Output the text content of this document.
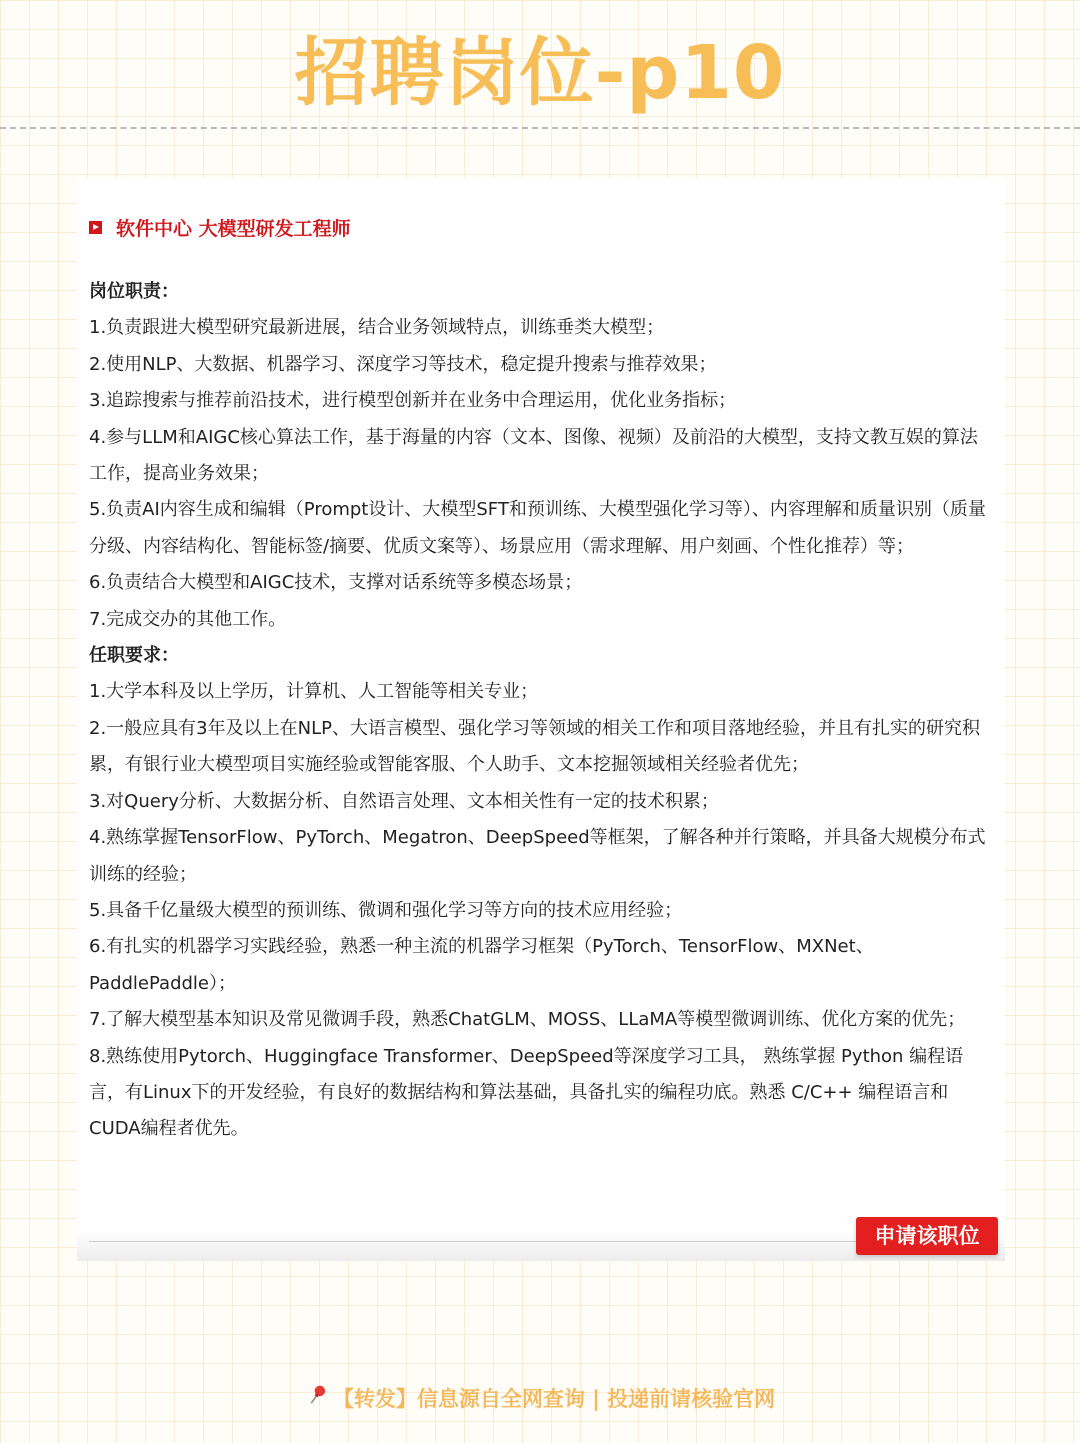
招聘岗位-p10
软件中心 大模型研发工程师

岗位职责：

1.负责跟进大模型研究最新进展，结合业务领域特点，训练垂类大模型；

2.使用NLP、大数据、机器学习、深度学习等技术，稳定提升搜索与推荐效果；

3.追踪搜索与推荐前沿技术，进行模型创新并在业务中合理运用，优化业务指标；

4.参与LLM和AIGC核心算法工作，基于海量的内容（文本、图像、视频）及前沿的大模型，支持文教互娱的算法工作，提高业务效果；

5.负责AI内容生成和编辑（Prompt设计、大模型SFT和预训练、大模型强化学习等）、内容理解和质量识别（质量分级、内容结构化、智能标签/摘要、优质文案等）、场景应用（需求理解、用户刻画、个性化推荐）等；

6.负责结合大模型和AIGC技术，支撑对话系统等多模态场景；

7.完成交办的其他工作。

任职要求：

1.大学本科及以上学历，计算机、人工智能等相关专业；

2.一般应具有3年及以上在NLP、大语言模型、强化学习等领域的相关工作和项目落地经验，并且有扎实的研究积累，有银行业大模型项目实施经验或智能客服、个人助手、文本挖掘领域相关经验者优先；

3.对Query分析、大数据分析、自然语言处理、文本相关性有一定的技术积累；

4.熟练掌握TensorFlow、PyTorch、Megatron、DeepSpeed等框架，了解各种并行策略，并具备大规模分布式训练的经验；

5.具备千亿量级大模型的预训练、微调和强化学习等方向的技术应用经验；

6.有扎实的机器学习实践经验，熟悉一种主流的机器学习框架（PyTorch、TensorFlow、MXNet、PaddlePaddle）；

7.了解大模型基本知识及常见微调手段，熟悉ChatGLM、MOSS、LLaMA等模型微调训练、优化方案的优先；

8.熟练使用Pytorch、Huggingface Transformer、DeepSpeed等深度学习工具， 熟练掌握 Python 编程语言，有Linux下的开发经验，有良好的数据结构和算法基础，具备扎实的编程功底。熟悉 C/C++ 编程语言和CUDA编程者优先。

申请该职位
【转发】信息源自全网查询 | 投递前请核验官网
